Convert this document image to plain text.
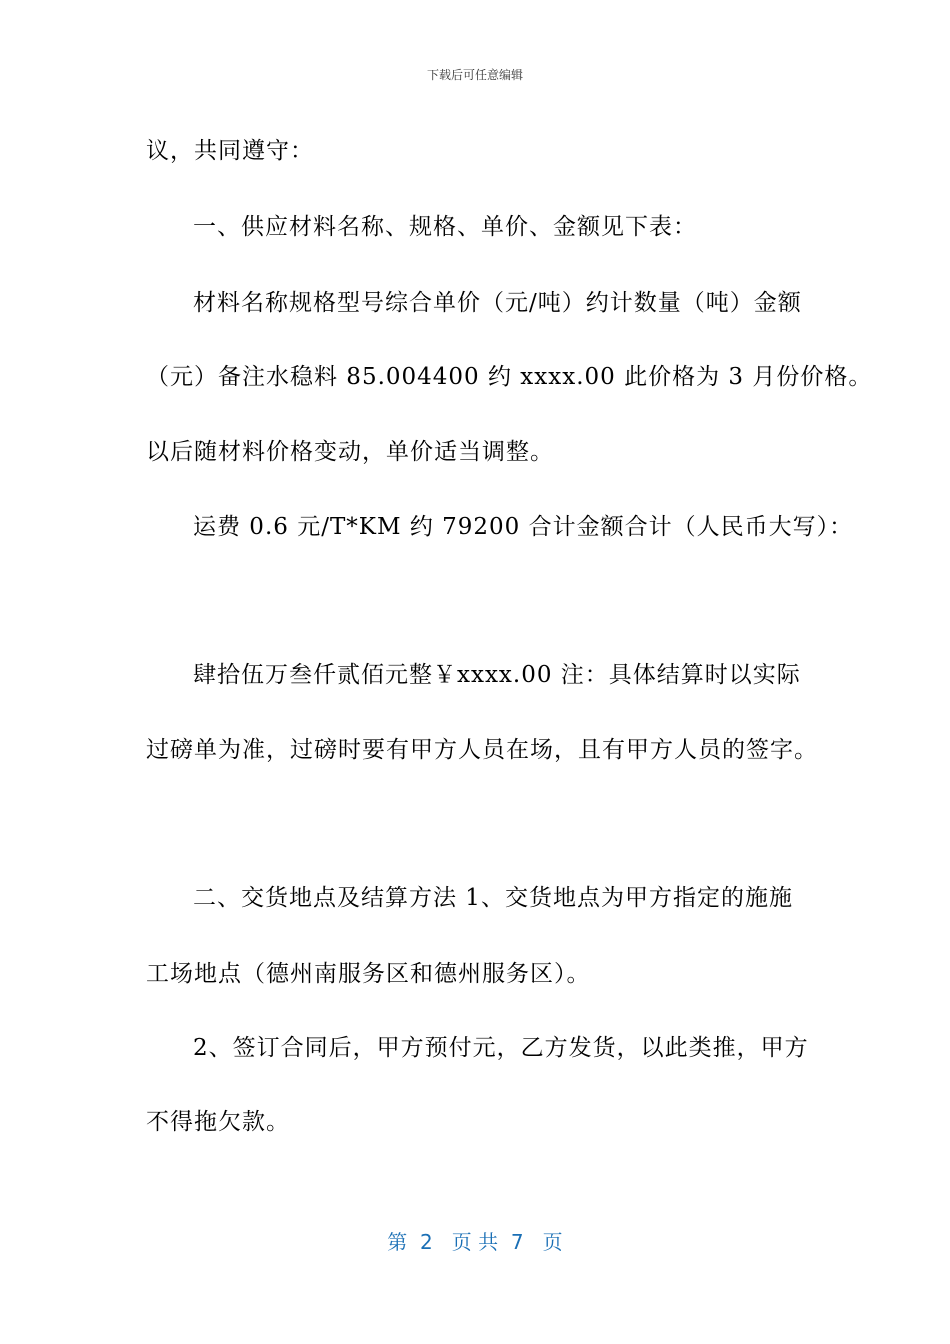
下载后可任意编辑
议，共同遵守：
一、供应材料名称、规格、单价、金额见下表：
材料名称规格型号综合单价（元/吨）约计数量（吨）金额
（元）备注水稳料 85.004400 约 xxxx.00 此价格为 3 月份价格。
以后随材料价格变动，单价适当调整。
运费 0.6 元/T*KM 约 79200 合计金额合计（人民币大写）：
肆拾伍万叁仟贰佰元整￥xxxx.00 注：具体结算时以实际
过磅单为准，过磅时要有甲方人员在场，且有甲方人员的签字。
二、交货地点及结算方法 1、交货地点为甲方指定的施施
工场地点（德州南服务区和德州服务区）。
2、签订合同后，甲方预付元，乙方发货，以此类推，甲方
不得拖欠款。
第  2   页 共  7   页
